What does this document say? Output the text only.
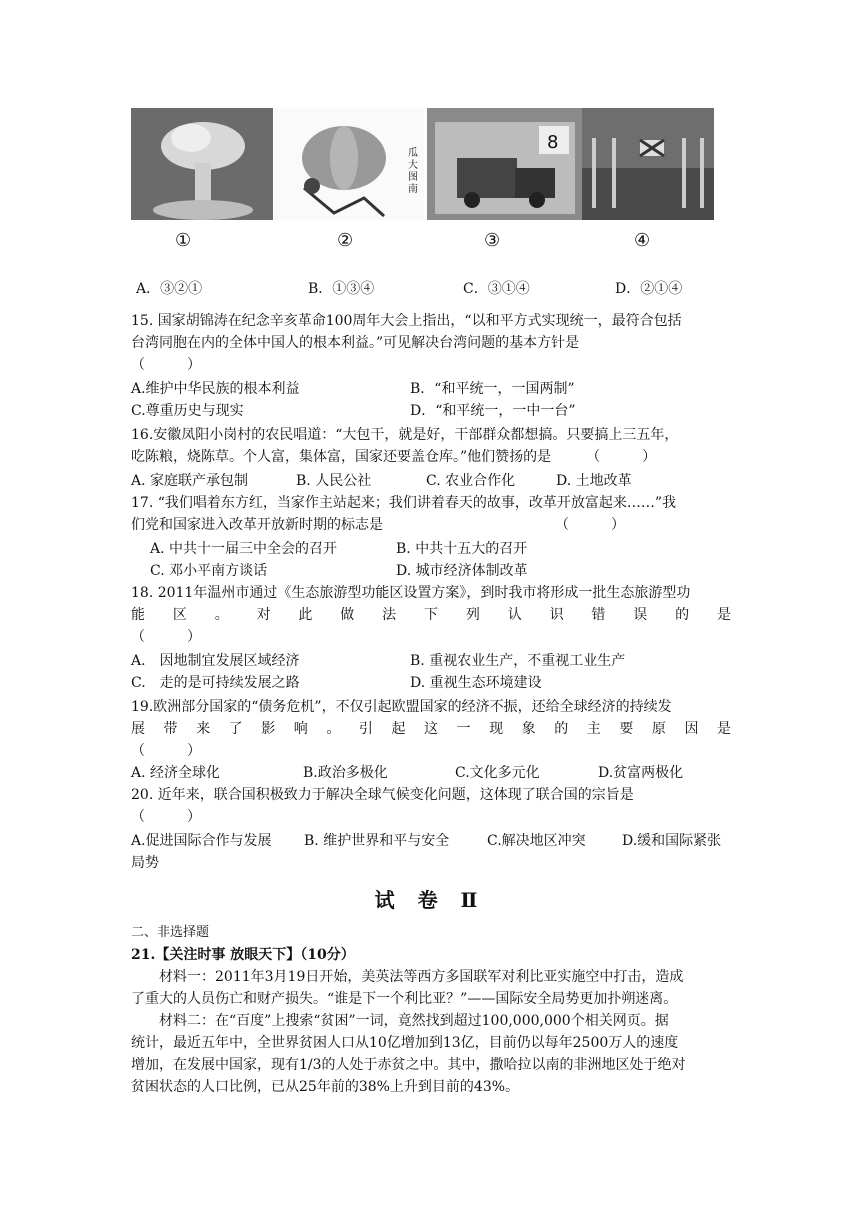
瓜大图南
8
①	②	③	④
A．③②①	B．①③④	C．③①④	D．②①④
15. 国家胡锦涛在纪念辛亥革命100周年大会上指出，“以和平方式实现统一，最符合包括
台湾同胞在内的全体中国人的根本利益。”可见解决台湾问题的基本方针是
（　　　）
A.维护中华民族的根本利益	B．“和平统一，一国两制”
C.尊重历史与现实	D．“和平统一，一中一台”
16.安徽凤阳小岗村的农民唱道：“大包干，就是好，干部群众都想搞。只要搞上三五年，
吃陈粮，烧陈草。个人富，集体富，国家还要盖仓库。”他们赞扬的是　　　（　　　）
A. 家庭联产承包制	B. 人民公社	C. 农业合作化	D. 土地改革
17. “我们唱着东方红，当家作主站起来；我们讲着春天的故事，改革开放富起来……”我
们党和国家进入改革开放新时期的标志是	（　　　）
A. 中共十一届三中全会的召开	B. 中共十五大的召开
C. 邓小平南方谈话	D. 城市经济体制改革
18. 2011年温州市通过《生态旅游型功能区设置方案》，到时我市将形成一批生态旅游型功
能区。对此做法下列认识错误的是
（　　　）
A.　因地制宜发展区域经济	B. 重视农业生产，不重视工业生产
C.　走的是可持续发展之路	D. 重视生态环境建设
19.欧洲部分国家的“债务危机”，不仅引起欧盟国家的经济不振，还给全球经济的持续发
展带来了影响。引起这一现象的主要原因是
（　　　）
A. 经济全球化	B.政治多极化	C.文化多元化	D.贫富两极化
20. 近年来，联合国积极致力于解决全球气候变化问题，这体现了联合国的宗旨是
（　　　）
A.促进国际合作与发展 B. 维护世界和平与安全	C.解决地区冲突	D.缓和国际紧张
局势
试 卷 Ⅱ
二、非选择题
21.【关注时事 放眼天下】（10分）
材料一：2011年3月19日开始，美英法等西方多国联军对利比亚实施空中打击，造成
了重大的人员伤亡和财产损失。“谁是下一个利比亚？”——国际安全局势更加扑朔迷离。
材料二：在“百度”上搜索“贫困”一词，竟然找到超过100,000,000个相关网页。据
统计，最近五年中，全世界贫困人口从10亿增加到13亿，目前仍以每年2500万人的速度
增加，在发展中国家，现有1/3的人处于赤贫之中。其中，撒哈拉以南的非洲地区处于绝对
贫困状态的人口比例，已从25年前的38%上升到目前的43%。
